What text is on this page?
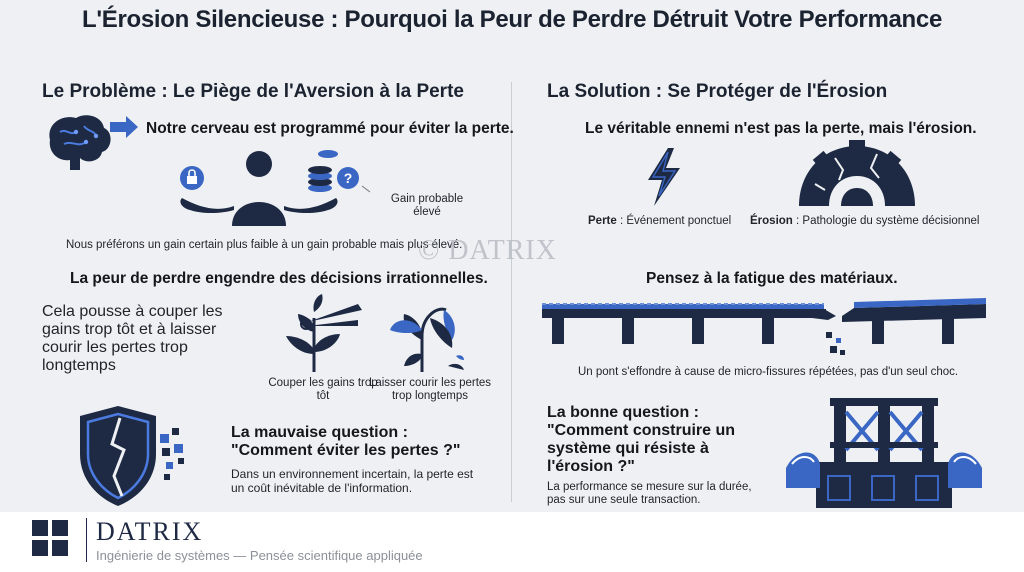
L'Érosion Silencieuse : Pourquoi la Peur de Perdre Détruit Votre Performance
Le Problème : Le Piège de l'Aversion à la Perte
Notre cerveau est programmé pour éviter la perte.
?
Gain probable élevé
Nous préférons un gain certain plus faible à un gain probable mais plus élevé.
La peur de perdre engendre des décisions irrationnelles.
Cela pousse à couper les gains trop tôt et à laisser courir les pertes trop longtemps
Couper les gains trop tôt
Laisser courir les pertes trop longtemps
La mauvaise question : "Comment éviter les pertes ?"
Dans un environnement incertain, la perte est un coût inévitable de l'information.
La Solution : Se Protéger de l'Érosion
Le véritable ennemi n'est pas la perte, mais l'érosion.
Perte : Événement ponctuel Érosion : Pathologie du système décisionnel
Pensez à la fatigue des matériaux.
Un pont s'effondre à cause de micro-fissures répétées, pas d'un seul choc.
La bonne question : "Comment construire un système qui résiste à l'érosion ?"
La performance se mesure sur la durée, pas sur une seule transaction.
© DATRIX
DATRIX
Ingénierie de systèmes — Pensée scientifique appliquée
